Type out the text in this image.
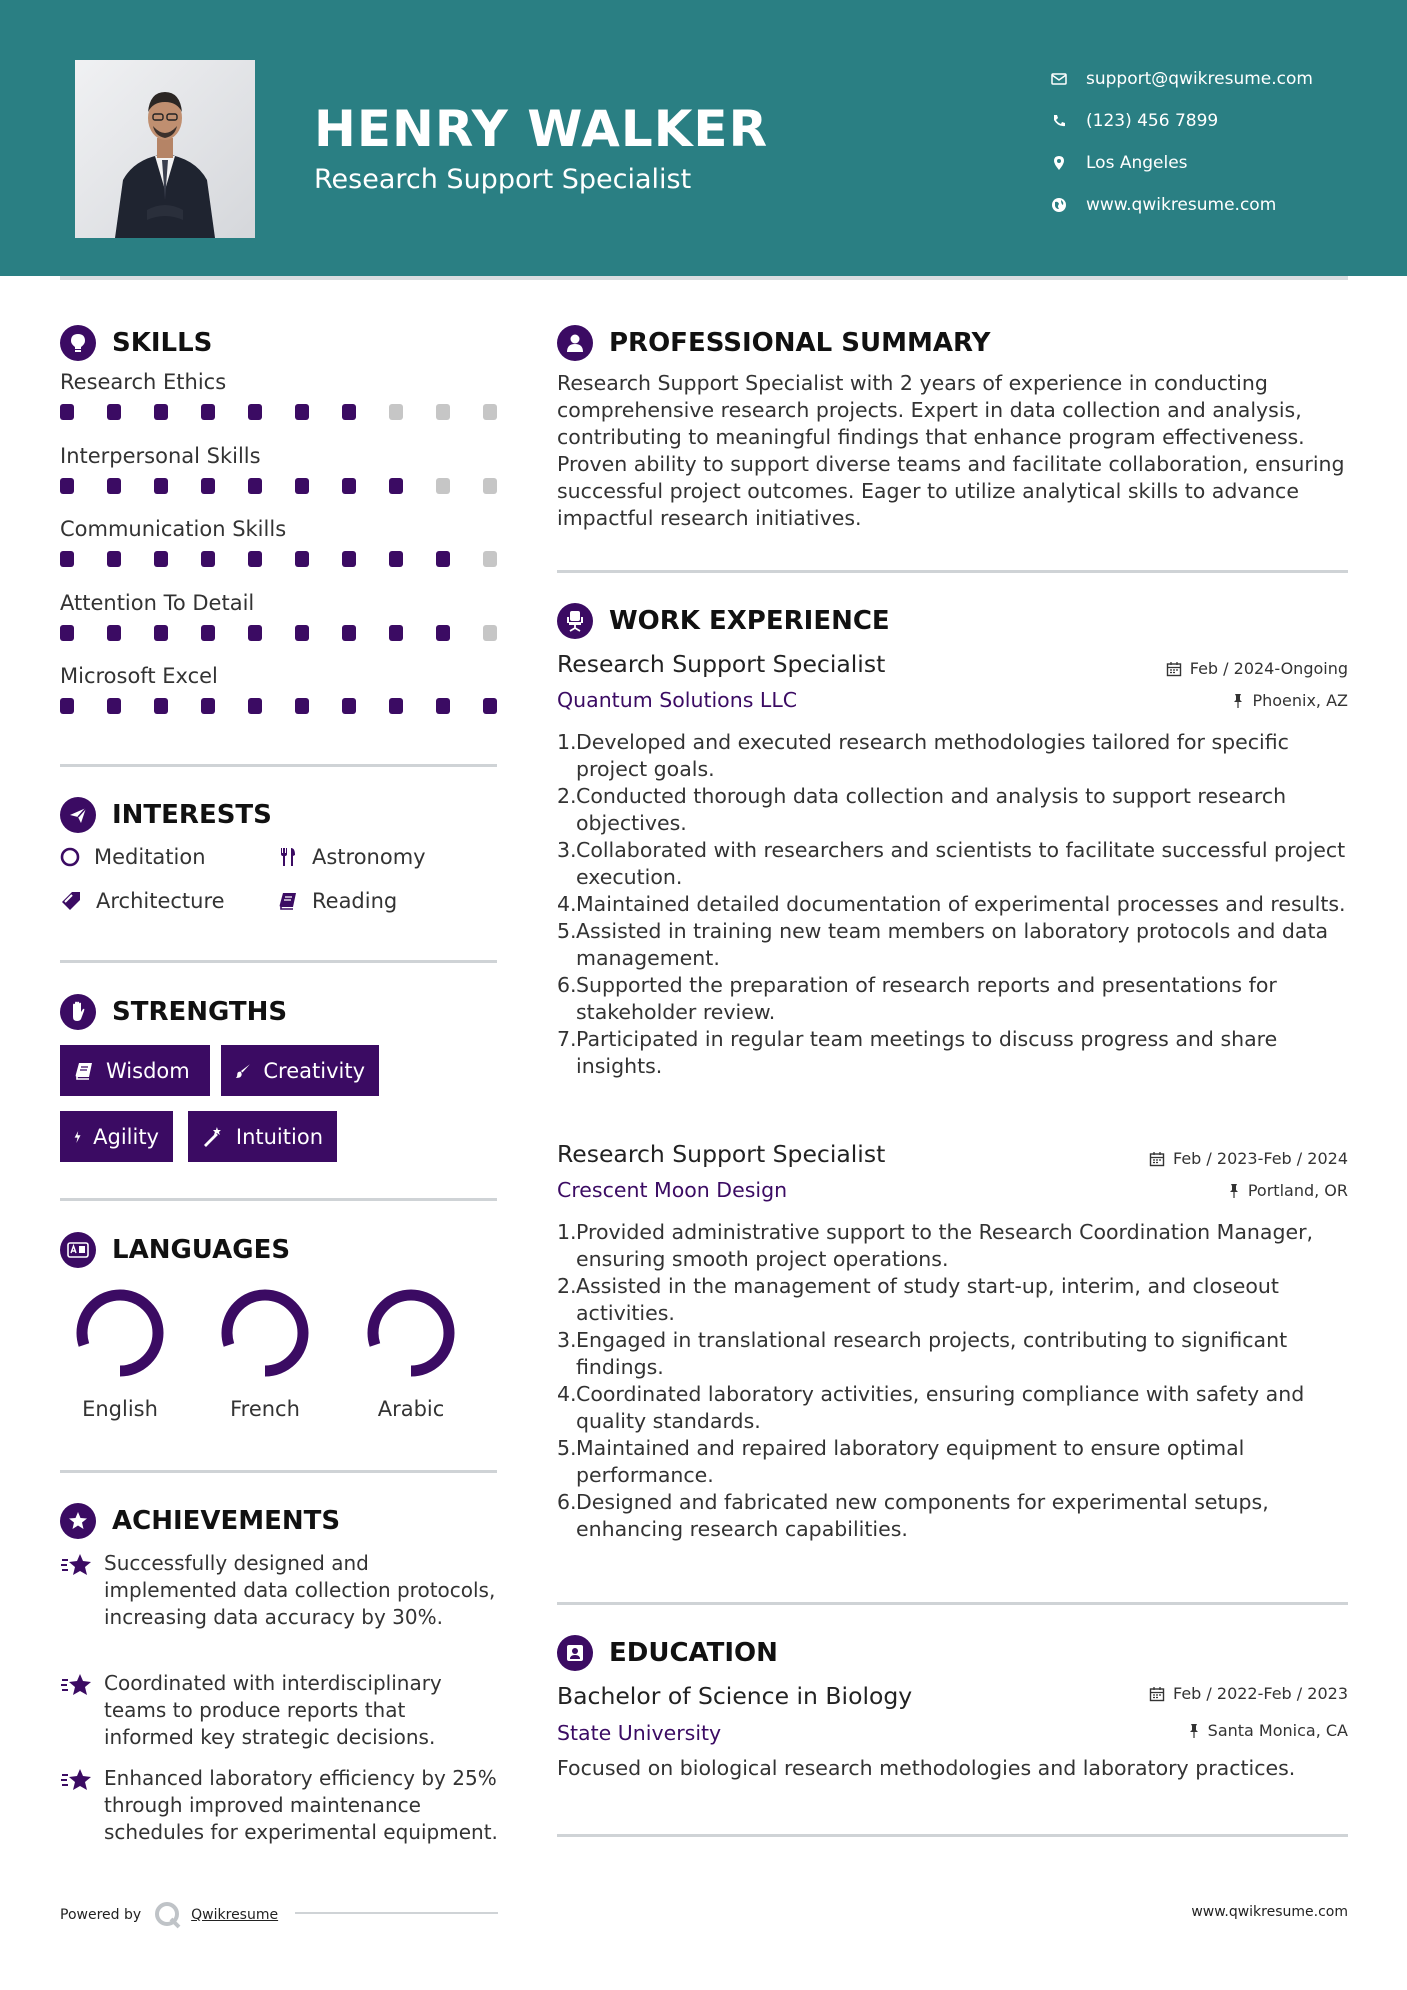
HENRY WALKER
Research Support Specialist
support@qwikresume.com
(123) 456 7899
Los Angeles
www.qwikresume.com
SKILLS
Research Ethics
Interpersonal Skills
Communication Skills
Attention To Detail
Microsoft Excel
INTERESTS
Meditation	Astronomy
Architecture	Reading
STRENGTHS
Wisdom	Creativity
Agility	Intuition
LANGUAGES
English	French	Arabic
ACHIEVEMENTS
Successfully designed and implemented data collection protocols, increasing data accuracy by 30%.
Coordinated with interdisciplinary teams to produce reports that informed key strategic decisions.
Enhanced laboratory efficiency by 25% through improved maintenance schedules for experimental equipment.
PROFESSIONAL SUMMARY
Research Support Specialist with 2 years of experience in conducting comprehensive research projects. Expert in data collection and analysis, contributing to meaningful findings that enhance program effectiveness. Proven ability to support diverse teams and facilitate collaboration, ensuring successful project outcomes. Eager to utilize analytical skills to advance impactful research initiatives.
WORK EXPERIENCE
Research Support Specialist	Feb / 2024-Ongoing
Quantum Solutions LLC	Phoenix, AZ
1. Developed and executed research methodologies tailored for specific project goals.
2. Conducted thorough data collection and analysis to support research objectives.
3. Collaborated with researchers and scientists to facilitate successful project execution.
4. Maintained detailed documentation of experimental processes and results.
5. Assisted in training new team members on laboratory protocols and data management.
6. Supported the preparation of research reports and presentations for stakeholder review.
7. Participated in regular team meetings to discuss progress and share insights.
Research Support Specialist	Feb / 2023-Feb / 2024
Crescent Moon Design	Portland, OR
1. Provided administrative support to the Research Coordination Manager, ensuring smooth project operations.
2. Assisted in the management of study start-up, interim, and closeout activities.
3. Engaged in translational research projects, contributing to significant findings.
4. Coordinated laboratory activities, ensuring compliance with safety and quality standards.
5. Maintained and repaired laboratory equipment to ensure optimal performance.
6. Designed and fabricated new components for experimental setups, enhancing research capabilities.
EDUCATION
Bachelor of Science in Biology	Feb / 2022-Feb / 2023
State University	Santa Monica, CA
Focused on biological research methodologies and laboratory practices.
Powered by	Qwikresume	www.qwikresume.com
